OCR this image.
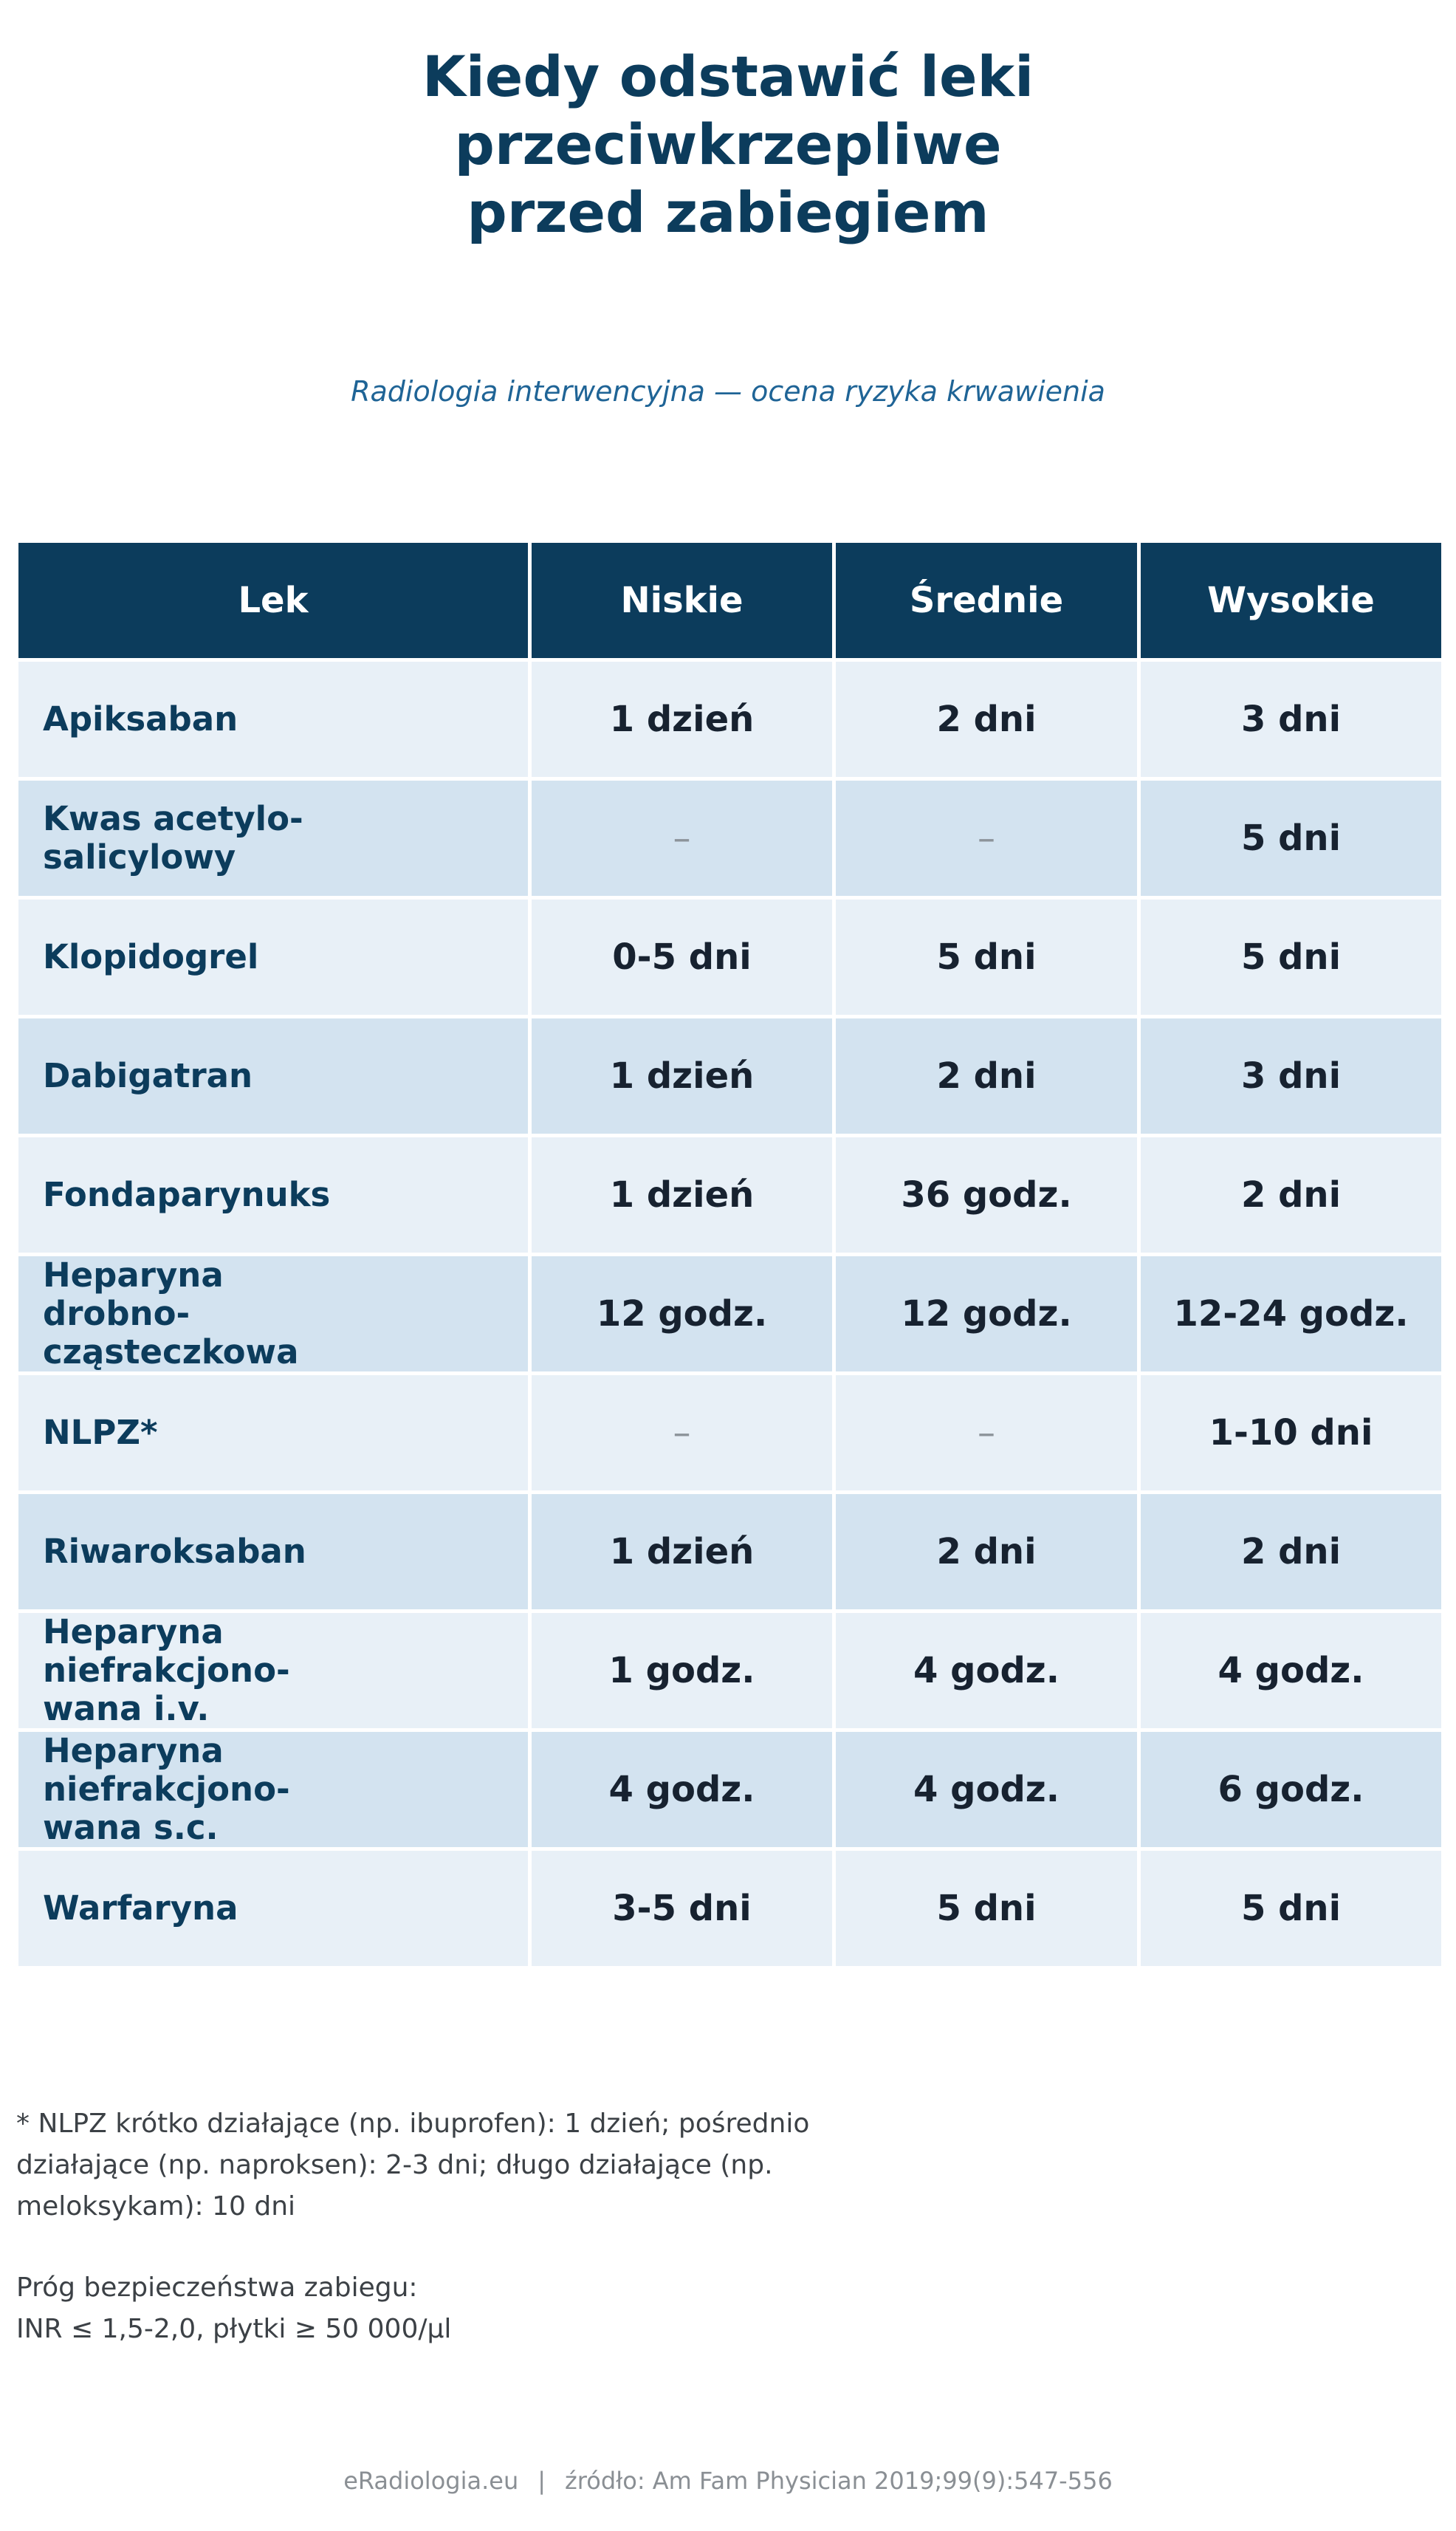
Kiedy odstawić leki
przeciwkrzepliwe
przed zabiegiem
Radiologia interwencyjna — ocena ryzyka krwawienia
Lek	Niskie	Średnie	Wysokie
Apiksaban	1 dzień	2 dni	3 dni
Kwas acetylo-
salicylowy	–	–	5 dni
Klopidogrel	0-5 dni	5 dni	5 dni
Dabigatran	1 dzień	2 dni	3 dni
Fondaparynuks	1 dzień	36 godz.	2 dni
Heparyna
drobno-
cząsteczkowa	12 godz.	12 godz.	12-24 godz.
NLPZ*	–	–	1-10 dni
Riwaroksaban	1 dzień	2 dni	2 dni
Heparyna
niefrakcjono-
wana i.v.	1 godz.	4 godz.	4 godz.
Heparyna
niefrakcjono-
wana s.c.	4 godz.	4 godz.	6 godz.
Warfaryna	3-5 dni	5 dni	5 dni

* NLPZ krótko działające (np. ibuprofen): 1 dzień; pośrednio
działające (np. naproksen): 2-3 dni; długo działające (np.
meloksykam): 10 dni

Próg bezpieczeństwa zabiegu:
INR ≤ 1,5-2,0, płytki ≥ 50 000/µl
eRadiologia.eu | źródło: Am Fam Physician 2019;99(9):547-556
